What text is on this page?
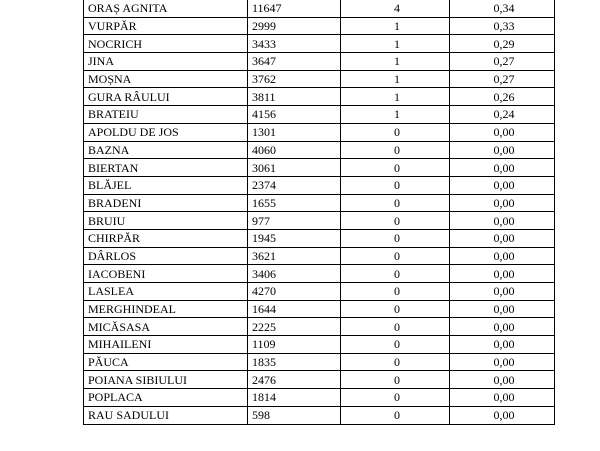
ORAȘ AGNITA	11647	4	0,34
VURPĂR	2999	1	0,33
NOCRICH	3433	1	0,29
JINA	3647	1	0,27
MOȘNA	3762	1	0,27
GURA RÂULUI	3811	1	0,26
BRATEIU	4156	1	0,24
APOLDU DE JOS	1301	0	0,00
BAZNA	4060	0	0,00
BIERTAN	3061	0	0,00
BLĂJEL	2374	0	0,00
BRADENI	1655	0	0,00
BRUIU	977	0	0,00
CHIRPĂR	1945	0	0,00
DÂRLOS	3621	0	0,00
IACOBENI	3406	0	0,00
LASLEA	4270	0	0,00
MERGHINDEAL	1644	0	0,00
MICĂSASA	2225	0	0,00
MIHAILENI	1109	0	0,00
PĂUCA	1835	0	0,00
POIANA SIBIULUI	2476	0	0,00
POPLACA	1814	0	0,00
RAU SADULUI	598	0	0,00
